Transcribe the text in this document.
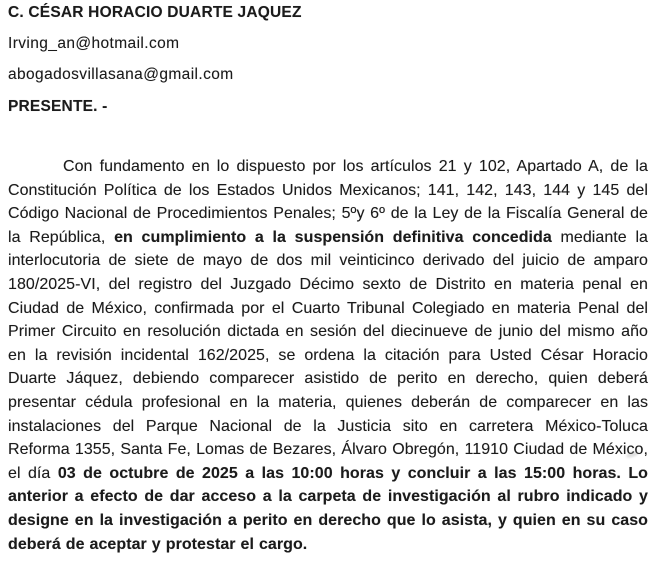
C. CÉSAR HORACIO DUARTE JAQUEZ
Irving_an@hotmail.com
abogadosvillasana@gmail.com
PRESENTE. -

Con fundamento en lo dispuesto por los artículos 21 y 102, Apartado A, de la Constitución Política de los Estados Unidos Mexicanos; 141, 142, 143, 144 y 145 del Código Nacional de Procedimientos Penales; 5ºy 6º de la Ley de la Fiscalía General de la República, en cumplimiento a la suspensión definitiva concedida mediante la interlocutoria de siete de mayo de dos mil veinticinco derivado del juicio de amparo 180/2025-VI, del registro del Juzgado Décimo sexto de Distrito en materia penal en Ciudad de México, confirmada por el Cuarto Tribunal Colegiado en materia Penal del Primer Circuito en resolución dictada en sesión del diecinueve de junio del mismo año en la revisión incidental 162/2025, se ordena la citación para Usted César Horacio Duarte Jáquez, debiendo comparecer asistido de perito en derecho, quien deberá presentar cédula profesional en la materia, quienes deberán de comparecer en las instalaciones del Parque Nacional de la Justicia sito en carretera México-Toluca Reforma 1355, Santa Fe, Lomas de Bezares, Álvaro Obregón, 11910 Ciudad de México, el día 03 de octubre de 2025 a las 10:00 horas y concluir a las 15:00 horas. Lo anterior a efecto de dar acceso a la carpeta de investigación al rubro indicado y designe en la investigación a perito en derecho que lo asista, y quien en su caso deberá de aceptar y protestar el cargo.
